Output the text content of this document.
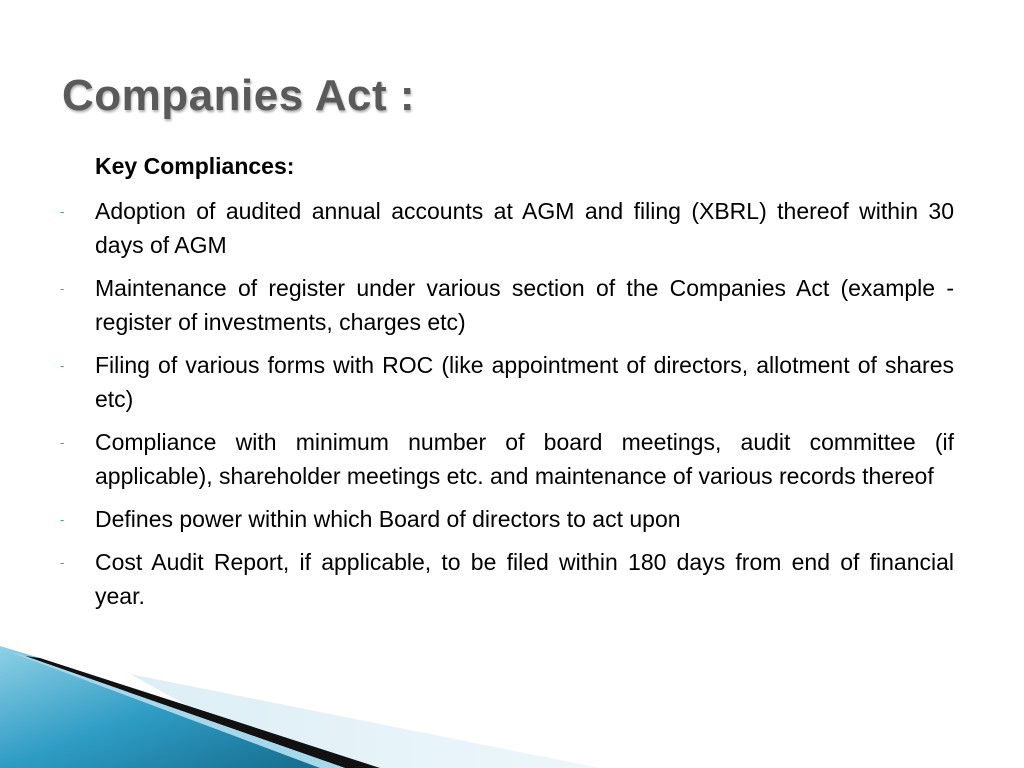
Companies Act :
Key Compliances:
-	Adoption of audited annual accounts at AGM and filing (XBRL) thereof within 30 days of AGM
-	Maintenance of register under various section of the Companies Act (example - register of investments, charges etc)
-	Filing of various forms with ROC (like appointment of directors, allotment of shares etc)
-	Compliance with minimum number of board meetings, audit committee (if applicable), shareholder meetings etc. and maintenance of various records thereof
-	Defines power within which Board of directors to act upon
-	Cost Audit Report, if applicable, to be filed within 180 days from end of financial year.
